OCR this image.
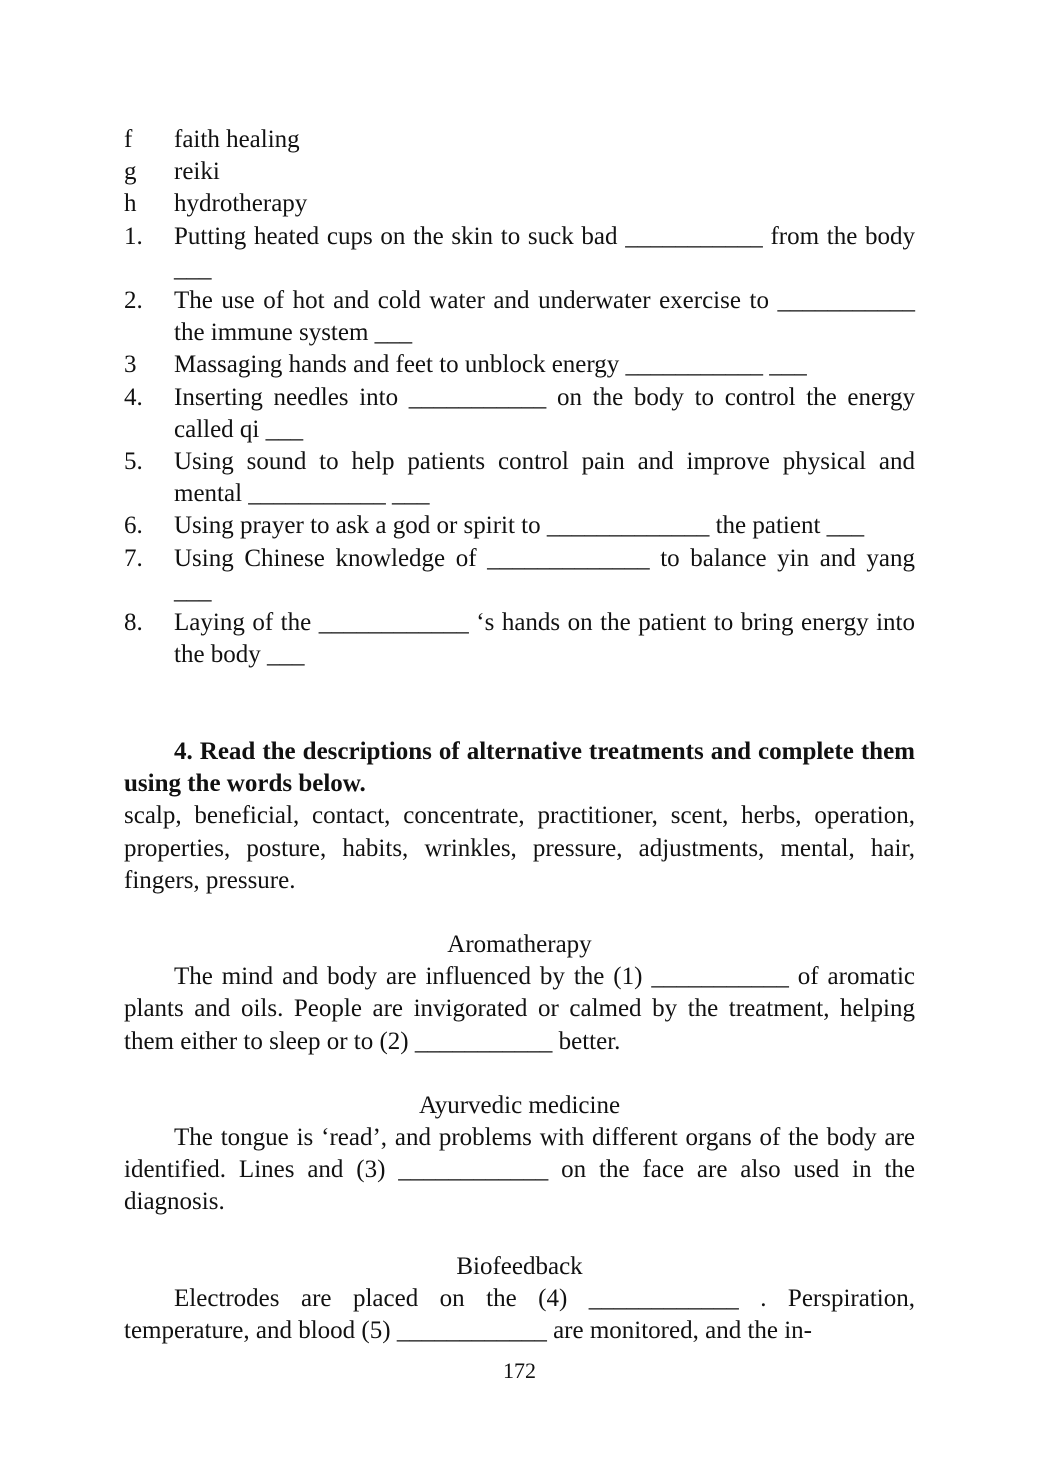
f faith healing
g reiki
h hydrotherapy
1. Putting heated cups on the skin to suck bad ___________ from the body ___
2. The use of hot and cold water and underwater exercise to ___________ the immune system ___
3 Massaging hands and feet to unblock energy ___________ ___
4. Inserting needles into ___________ on the body to control the energy called qi ___
5. Using sound to help patients control pain and improve physical and mental ___________ ___
6. Using prayer to ask a god or spirit to _____________ the patient ___
7. Using Chinese knowledge of _____________ to balance yin and yang ___
8. Laying of the ____________ ‘s hands on the patient to bring energy into the body ___

4. Read the descriptions of alternative treatments and complete them using the words below.

scalp, beneficial, contact, concentrate, practitioner, scent, herbs, operation, properties, posture, habits, wrinkles, pressure, adjustments, mental, hair, fingers, pressure.

Aromatherapy

The mind and body are influenced by the (1) ___________ of aromatic plants and oils. People are invigorated or calmed by the treatment, helping them either to sleep or to (2) ___________ better.

Ayurvedic medicine

The tongue is ‘read’, and problems with different organs of the body are identified. Lines and (3) ____________ on the face are also used in the diagnosis.

Biofeedback

Electrodes are placed on the (4) ____________ . Perspiration, temperature, and blood (5) ____________ are monitored, and the in-

172
